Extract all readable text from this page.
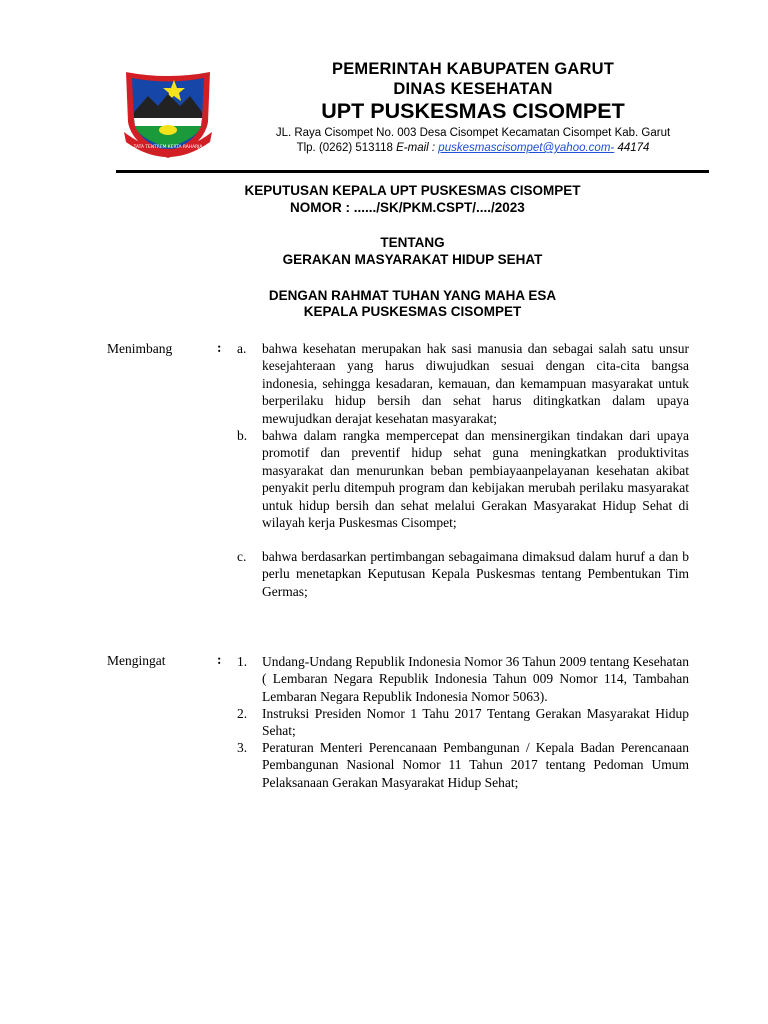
TATA TENTREM KERTA RAHARJA
PEMERINTAH KABUPATEN GARUT
DINAS KESEHATAN
UPT PUSKESMAS CISOMPET
JL. Raya Cisompet No. 003 Desa Cisompet Kecamatan Cisompet Kab. Garut
Tlp. (0262) 513118 E-mail : puskesmascisompet@yahoo.com- 44174
KEPUTUSAN KEPALA UPT PUSKESMAS CISOMPET
NOMOR : ....../SK/PKM.CSPT/..../2023
TENTANG
GERAKAN MASYARAKAT HIDUP SEHAT
DENGAN RAHMAT TUHAN YANG MAHA ESA
KEPALA PUSKESMAS CISOMPET
Menimbang	: a. bahwa kesehatan merupakan hak sasi manusia dan sebagai salah satu unsur kesejahteraan yang harus diwujudkan sesuai dengan cita-cita bangsa indonesia, sehingga kesadaran, kemauan, dan kemampuan masyarakat untuk berperilaku hidup bersih dan sehat harus ditingkatkan dalam upaya mewujudkan derajat kesehatan masyarakat;
b. bahwa dalam rangka mempercepat dan mensinergikan tindakan dari upaya promotif dan preventif hidup sehat guna meningkatkan produktivitas masyarakat dan menurunkan beban pembiayaanpelayanan kesehatan akibat penyakit perlu ditempuh program dan kebijakan merubah perilaku masyarakat untuk hidup bersih dan sehat melalui Gerakan Masyarakat Hidup Sehat di wilayah kerja Puskesmas Cisompet;
c. bahwa berdasarkan pertimbangan sebagaimana dimaksud dalam huruf a dan b perlu menetapkan Keputusan Kepala Puskesmas tentang Pembentukan Tim Germas;
Mengingat	: 1. Undang-Undang Republik Indonesia Nomor 36 Tahun 2009 tentang Kesehatan ( Lembaran Negara Republik Indonesia Tahun 009 Nomor 114, Tambahan Lembaran Negara Republik Indonesia Nomor 5063).
2. Instruksi Presiden Nomor 1 Tahu 2017 Tentang Gerakan Masyarakat Hidup Sehat;
3. Peraturan Menteri Perencanaan Pembangunan / Kepala Badan Perencanaan Pembangunan Nasional Nomor 11 Tahun 2017 tentang Pedoman Umum Pelaksanaan Gerakan Masyarakat Hidup Sehat;
